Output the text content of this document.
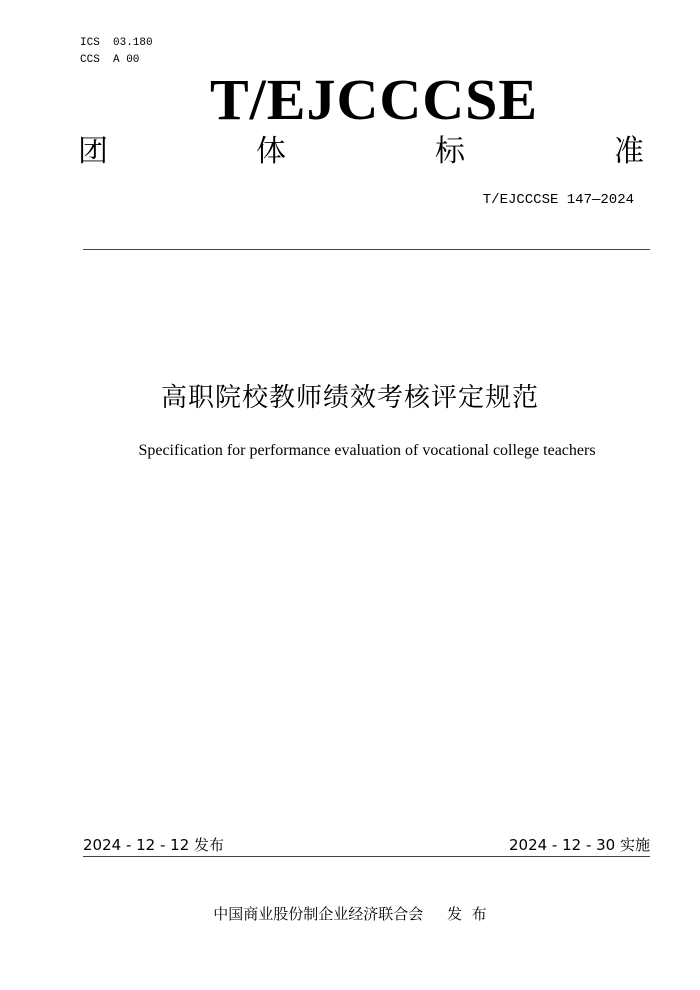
ICS  03.180
CCS  A 00
T/EJCCCSE
团	体	标	准
T/EJCCCSE 147—2024
高职院校教师绩效考核评定规范
Specification for performance evaluation of vocational college teachers
2024 - 12 - 12 发布	2024 - 12 - 30 实施
中国商业股份制企业经济联合会     发  布
